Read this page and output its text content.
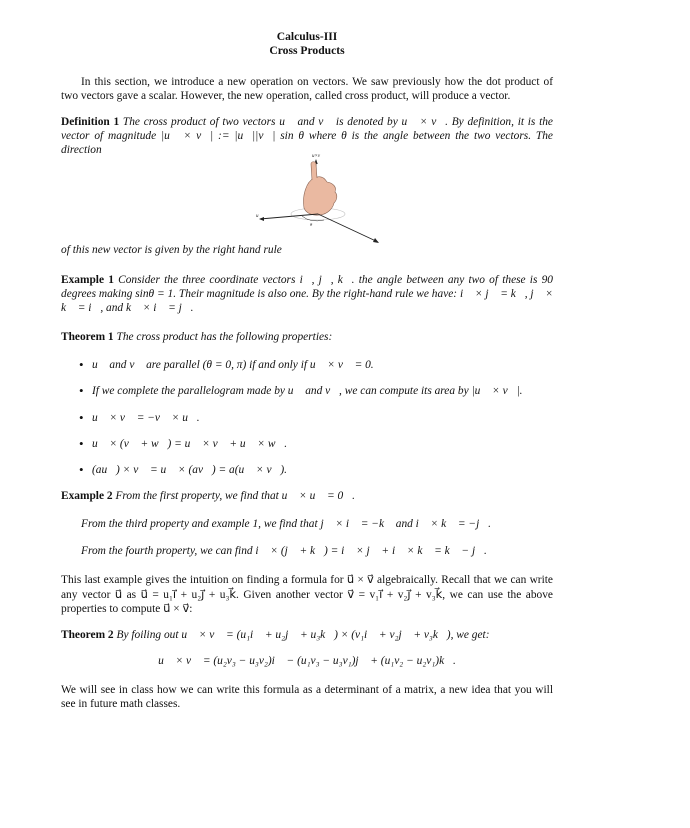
Calculus-III
Cross Products

In this section, we introduce a new operation on vectors. We saw previously how the dot product of two vectors gave a scalar. However, the new operation, called cross product, will produce a vector.

Definition 1 The cross product of two vectors u⃗ and v⃗ is denoted by u⃗ × v⃗. By definition, it is the vector of magnitude |u⃗ × v⃗| := |u⃗||v⃗| sin θ where θ is the angle between the two vectors. The direction

of this new vector is given by the right hand rule

Example 1 Consider the three coordinate vectors i⃗, j⃗, k⃗. the angle between any two of these is 90 degrees making sinθ = 1. Their magnitude is also one. By the right-hand rule we have: i⃗ × j⃗ = k⃗, j⃗ × k⃗ = i⃗, and k⃗ × i⃗ = j⃗.

Theorem 1 The cross product has the following properties:

• u⃗ and v⃗ are parallel (θ = 0, π) if and only if u⃗ × v⃗ = 0.
• If we complete the parallelogram made by u⃗ and v⃗, we can compute its area by |u⃗ × v⃗|.
• u⃗ × v⃗ = −v⃗ × u⃗.
• u⃗ × (v⃗ + w⃗) = u⃗ × v⃗ + u⃗ × w⃗.
• (au⃗) × v⃗ = u⃗ × (av⃗) = a(u⃗ × v⃗).

Example 2 From the first property, we find that u⃗ × u⃗ = 0⃗.

From the third property and example 1, we find that j⃗ × i⃗ = −k⃗ and i⃗ × k⃗ = −j⃗.

From the fourth property, we can find i⃗ × (j⃗ + k⃗) = i⃗ × j⃗ + i⃗ × k⃗ = k⃗ − j⃗.

This last example gives the intuition on finding a formula for u⃗ × v⃗ algebraically. Recall that we can write any vector u⃗ as u⃗ = u₁i⃗ + u₂j⃗ + u₃k⃗. Given another vector v⃗ = v₁i⃗ + v₂j⃗ + v₃k⃗, we can use the above properties to compute u⃗ × v⃗:

Theorem 2 By foiling out u⃗ × v⃗ = (u₁i⃗ + u₂j⃗ + u₃k⃗) × (v₁i⃗ + v₂j⃗ + v₃k⃗), we get:

u⃗ × v⃗ = (u₂v₃ − u₃v₂)i⃗ − (u₁v₃ − u₃v₁)j⃗ + (u₁v₂ − u₂v₁)k⃗.

We will see in class how we can write this formula as a determinant of a matrix, a new idea that you will see in future math classes.

u×v
u
θ
